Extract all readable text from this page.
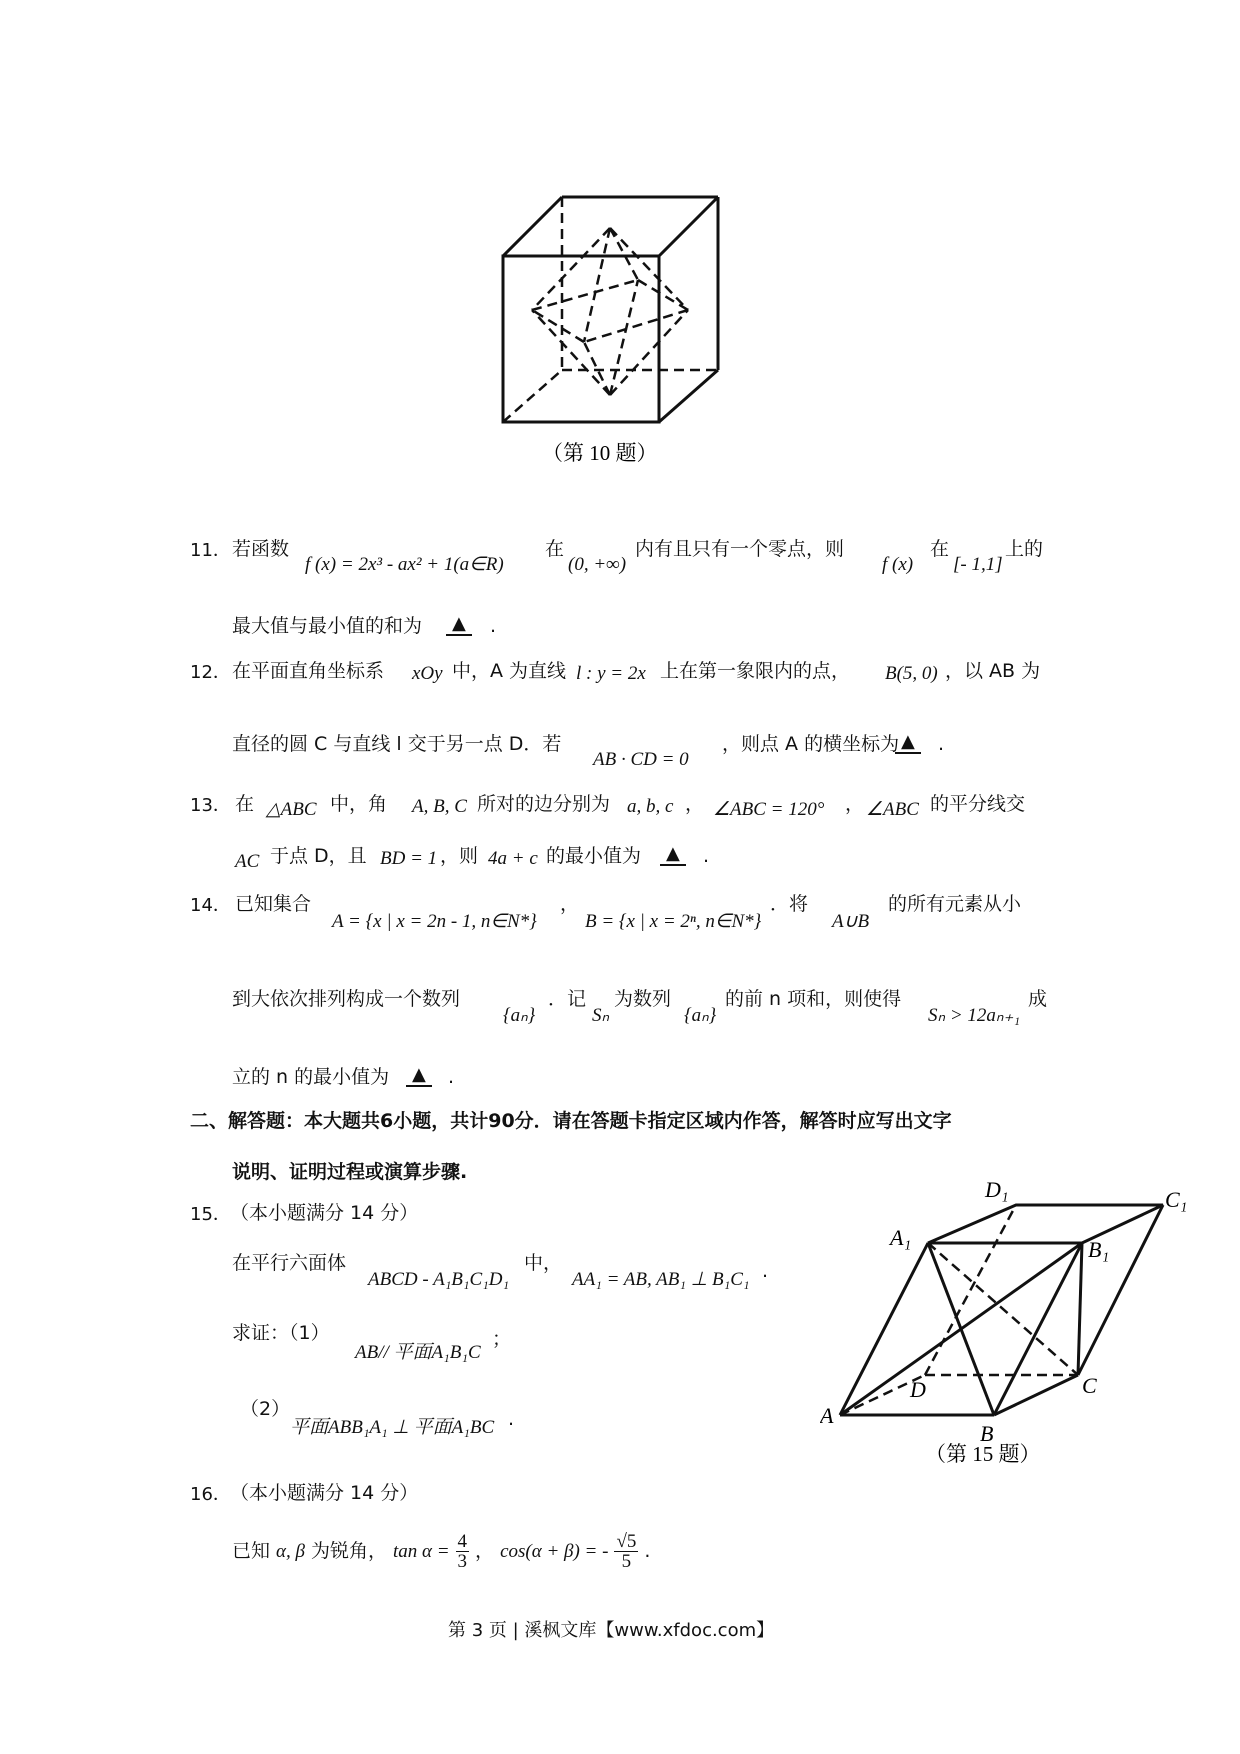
（第 10 题）
11． 若函数
f (x) = 2x³ - ax² + 1(a∈R)
在
(0, +∞)
内有且只有一个零点，则
f (x)
在
[- 1,1]
上的
最大值与最小值的和为	▲	.
12． 在平面直角坐标系 xOy 中，A 为直线 l : y = 2x 上在第一象限内的点， B(5, 0) ，以 AB 为
直径的圆 C 与直线 l 交于另一点 D．若
AB · CD = 0
，则点 A 的横坐标为 ▲	.
13． 在 △ABC 中，角 A, B, C 所对的边分别为 a, b, c ， ∠ABC = 120° ， ∠ABC 的平分线交
AC 于点 D，且 BD = 1 ，则 4a + c 的最小值为	▲	.
14． 已知集合
A = {x | x = 2n - 1, n∈N*}
，
B = {x | x = 2ⁿ, n∈N*}
．将
A∪B
的所有元素从小
到大依次排列构成一个数列
{aₙ}
．记
Sₙ
为数列
{aₙ}
的前 n 项和，则使得
Sₙ > 12aₙ₊₁
成
立的 n 的最小值为	▲	.
二、解答题：本大题共6小题，共计90分．请在答题卡指定区域内作答，解答时应写出文字
说明、证明过程或演算步骤.
15． （本小题满分 14 分）
在平行六面体
ABCD - A₁B₁C₁D₁
中，
AA₁ = AB, AB₁ ⊥ B₁C₁ .
求证：（1）
AB// 平面A₁B₁C
；
（2）
平面ABB₁A₁ ⊥ 平面A₁BC .	A
B
C
D
A₁	B₁
C₁
D₁
（第 15 题）
16． （本小题满分 14 分）
已知 α, β 为锐角， $\tan \alpha = \frac{4}{3}$ ， cos(α + β) = - $\frac{√5}{5}$ .
第 3 页 | 溪枫文库【www.xfdoc.com】
